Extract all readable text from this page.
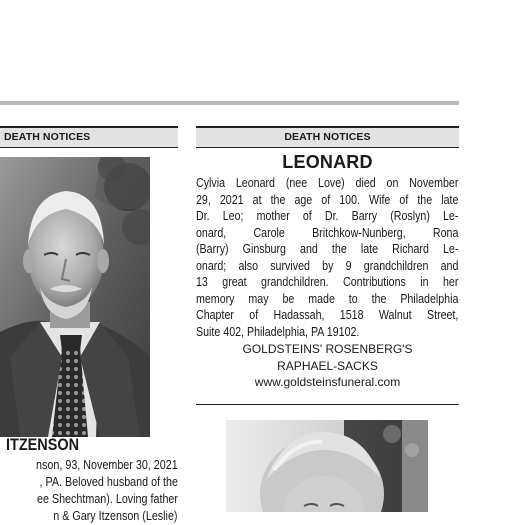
DEATH NOTICES
ITZENSON
nson, 93, November 30, 2021
, PA. Beloved husband of the
ee Shechtman). Loving father
n & Gary Itzenson (Leslie)
DEATH NOTICES
LEONARD
Cylvia Leonard (nee Love) died on November
29, 2021 at the age of 100. Wife of the late
Dr. Leo; mother of Dr. Barry (Roslyn) Le-
onard, Carole Britchkow-Nunberg, Rona
(Barry) Ginsburg and the late Richard Le-
onard; also survived by 9 grandchildren and
13 great grandchildren. Contributions in her
memory may be made to the Philadelphia
Chapter of Hadassah, 1518 Walnut Street,
Suite 402, Philadelphia, PA 19102.
GOLDSTEINS' ROSENBERG'S
RAPHAEL-SACKS
www.goldsteinsfuneral.com
